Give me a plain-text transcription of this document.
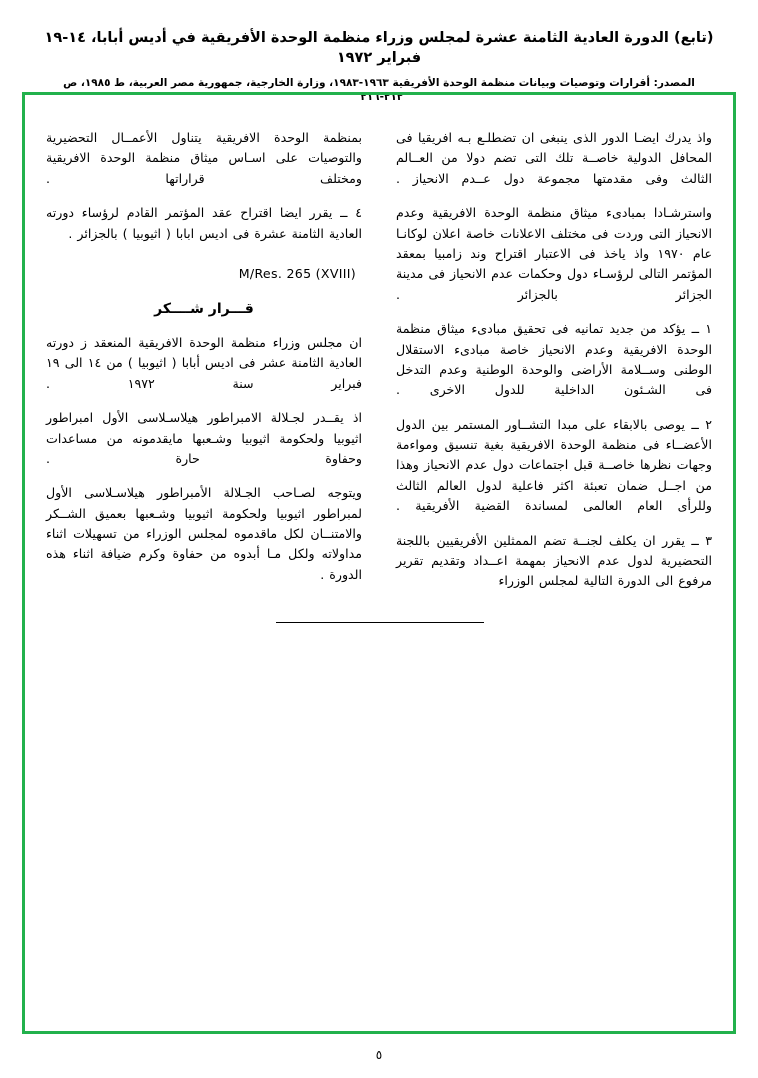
(تابع) الدورة العادية الثامنة عشرة لمجلس وزراء منظمة الوحدة الأفريقية في أديس أبابا، ١٤-١٩ فبراير ١٩٧٢
المصدر: أقرارات وتوصيات وبيانات منظمة الوحدة الأفريقية ١٩٦٣-١٩٨٣، وزارة الخارجية، جمهورية مصر العربية، ط ١٩٨٥، ص ٢١٢-٢١٦"

واذ يدرك ايضـا الدور الذى ينبغى ان تضطلـع بـه افريقيا فى المحافل الدولية خاصــة تلك التى تضم دولا من العــالم الثالث وفى مقدمتها مجموعة دول عــدم الانحياز .

واسترشـادا بمبادىء ميثاق منظمة الوحدة الافريقية وعدم الانحياز التى وردت فى مختلف الاعلانات خاصة اعلان لوكانـا عام ١٩٧٠ واذ ياخذ فى الاعتبار اقتراح وند زامبيا بمعقد المؤتمر التالى لرؤسـاء دول وحكمات عدم الانحياز فى مدينة الجزائر بالجزائر .

١ ــ يؤكد من جديد تمانيه فى تحقيق مبادىء ميثاق منظمة الوحدة الافريقية وعدم الانحياز خاصة مبادىء الاستقلال الوطنى وســلامة الأراضى والوحدة الوطنية وعدم التدخل فى الشـئون الداخلية للدول الاخرى .

٢ ــ يوصى بالابقاء على مبدا التشــاور المستمر بين الدول الأعضــاء فى منظمة الوحدة الافريقية بغية تنسيق ومواءمة وجهات نظرها خاصــة قبل اجتماعات دول عدم الانحياز وهذا من اجــل ضمان تعبئة اكثر فاعلية لدول العالم الثالث وللرأى العام العالمى لمساندة القضية الأفريقية .

٣ ــ يقرر ان يكلف لجنــة تضم الممثلين الأفريقيين باللجنة التحضيرية لدول عدم الانحياز بمهمة اعــداد وتقديم تقرير مرفوع الى الدورة التالية لمجلس الوزراء

بمنظمة الوحدة الافريقية يتناول الأعمــال التحضيرية والتوصيات على اسـاس ميثاق منظمة الوحدة الافريقية ومختلف قراراتها .

٤ ــ يقرر ايضا اقتراح عقد المؤتمر القادم لرؤساء دورته العادية الثامنة عشرة فى اديس ابابا ( اثيوبيا ) بالجزائر .

M/Res. 265 (XVIII)
قـــرار شــــكر

ان مجلس وزراء منظمة الوحدة الافريقية المنعقد ز دورته العادية الثامنة عشر فى اديس أبابا ( اثيوبيا ) من ١٤ الى ١٩ فبراير سنة ١٩٧٢ .

اذ يقــدر لجـلالة الامبراطور هيلاسـلاسى الأول امبراطور اثيوبيا ولحكومة اثيوبيا وشـعبها مايقدمونه من مساعدات وحفاوة حارة .

ويتوجه لصـاحب الجـلالة الأمبراطور هيلاسـلاسى الأول لمبراطور اثيوبيا ولحكومة اثيوبيا وشـعبها بعميق الشــكر والامتنــان لكل ماقدموه لمجلس الوزراء من تسهيلات اثناء مداولاته ولكل مـا أبدوه من حفاوة وكرم ضيافة اثناء هذه الدورة .

٥
